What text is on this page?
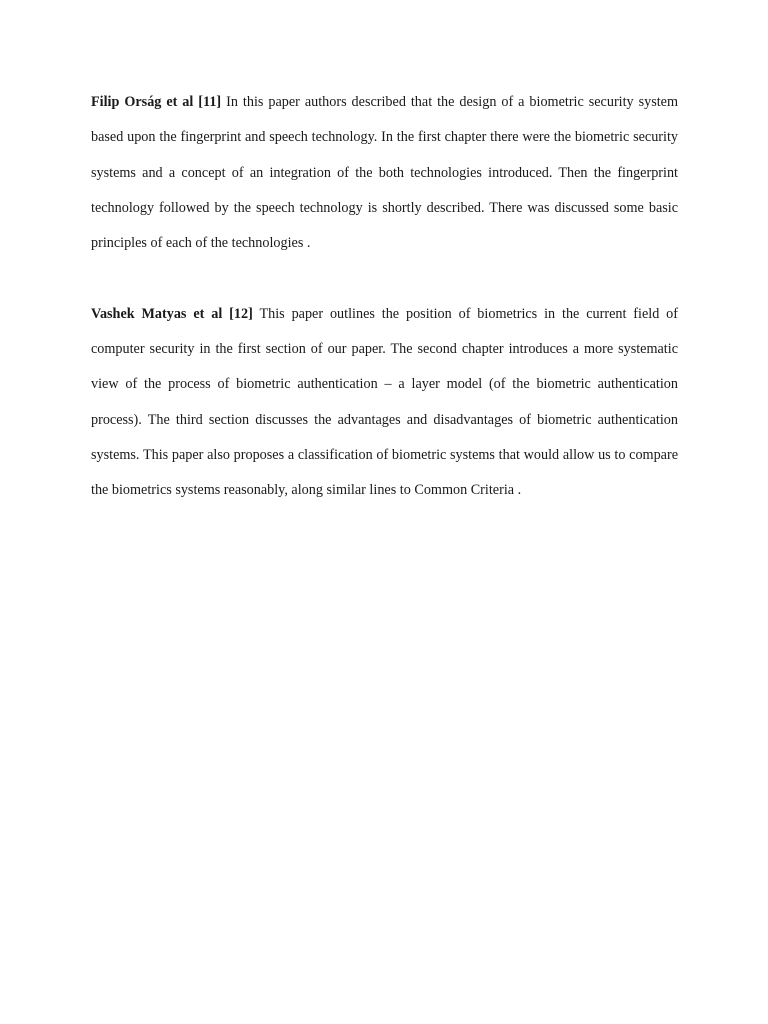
Filip Orság et al [11] In this paper authors described that the design of a biometric security system based upon the fingerprint and speech technology. In the first chapter there were the biometric security systems and a concept of an integration of the both technologies introduced. Then the fingerprint technology followed by the speech technology is shortly described. There was discussed some basic principles of each of the technologies .

Vashek Matyas et al [12] This paper outlines the position of biometrics in the current field of computer security in the first section of our paper. The second chapter introduces a more systematic view of the process of biometric authentication – a layer model (of the biometric authentication process). The third section discusses the advantages and disadvantages of biometric authentication systems. This paper also proposes a classification of biometric systems that would allow us to compare the biometrics systems reasonably, along similar lines to Common Criteria .
